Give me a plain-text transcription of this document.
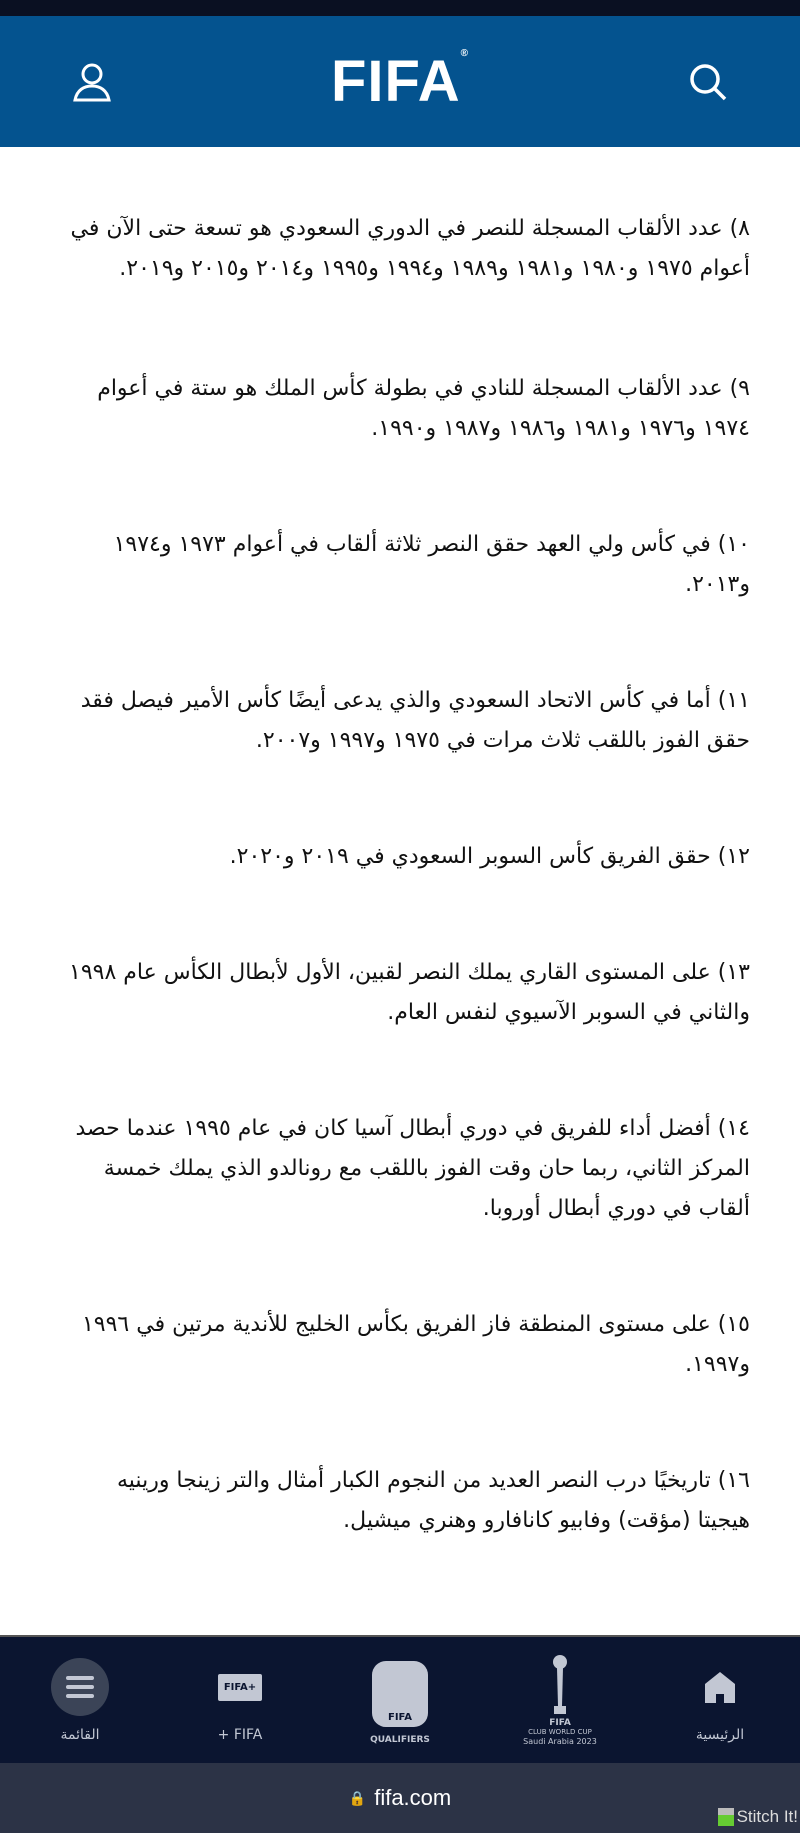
FIFA®

٨) عدد الألقاب المسجلة للنصر في الدوري السعودي هو تسعة حتى الآن في أعوام ١٩٧٥ و١٩٨٠ و١٩٨١ و١٩٨٩ و١٩٩٤ و١٩٩٥ و٢٠١٤ و٢٠١٥ و٢٠١٩.

٩) عدد الألقاب المسجلة للنادي في بطولة كأس الملك هو ستة في أعوام ١٩٧٤ و١٩٧٦ و١٩٨١ و١٩٨٦ و١٩٨٧ و١٩٩٠.

١٠) في كأس ولي العهد حقق النصر ثلاثة ألقاب في أعوام ١٩٧٣ و١٩٧٤ و٢٠١٣.

١١) أما في كأس الاتحاد السعودي والذي يدعى أيضًا كأس الأمير فيصل فقد حقق الفوز باللقب ثلاث مرات في ١٩٧٥ و١٩٩٧ و٢٠٠٧.

١٢) حقق الفريق كأس السوبر السعودي في ٢٠١٩ و٢٠٢٠.

١٣) على المستوى القاري يملك النصر لقبين، الأول لأبطال الكأس عام ١٩٩٨ والثاني في السوبر الآسيوي لنفس العام.

١٤) أفضل أداء للفريق في دوري أبطال آسيا كان في عام ١٩٩٥ عندما حصد المركز الثاني، ربما حان وقت الفوز باللقب مع رونالدو الذي يملك خمسة ألقاب في دوري أبطال أوروبا.

١٥) على مستوى المنطقة فاز الفريق بكأس الخليج للأندية مرتين في ١٩٩٦ و١٩٩٧.

١٦) تاريخيًا درب النصر العديد من النجوم الكبار أمثال والتر زينجا ورينيه هيجيتا (مؤقت) وفابيو كانافارو وهنري ميشيل.

القائمة
FIFA+
+ FIFA
FIFA
QUALIFIERS
FIFA
CLUB WORLD CUP
Saudi Arabia 2023	الرئيسية
🔒 fifa.com
Stitch It!
